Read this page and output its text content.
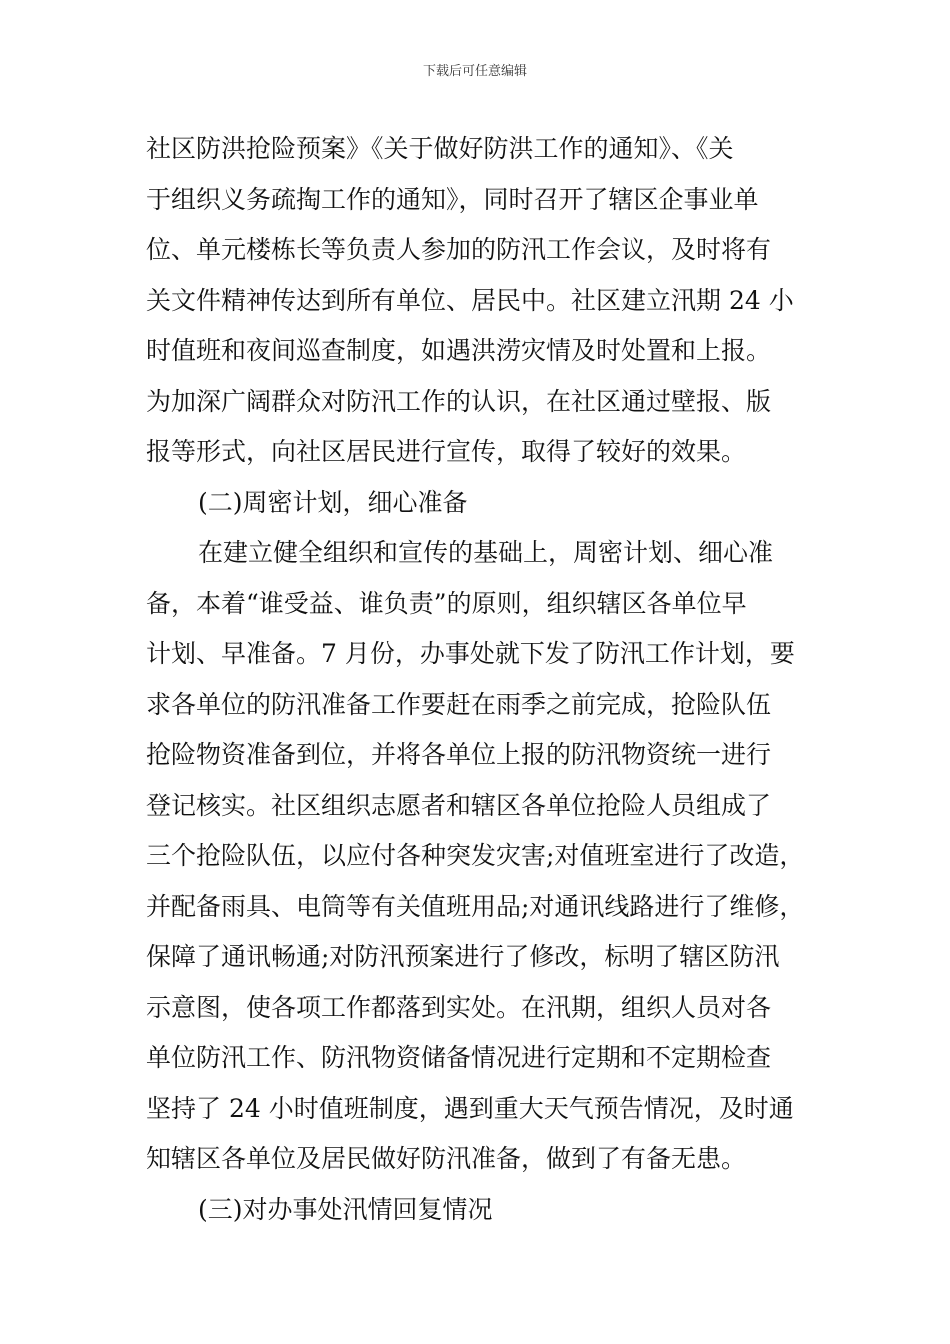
下载后可任意编辑
社区防洪抢险预案》《关于做好防洪工作的通知》、《关
于组织义务疏掏工作的通知》，同时召开了辖区企事业单
位、单元楼栋长等负责人参加的防汛工作会议，及时将有
关文件精神传达到所有单位、居民中。社区建立汛期 24 小
时值班和夜间巡查制度，如遇洪涝灾情及时处置和上报。
为加深广阔群众对防汛工作的认识，在社区通过壁报、版
报等形式，向社区居民进行宣传，取得了较好的效果。
(二)周密计划，细心准备
在建立健全组织和宣传的基础上，周密计划、细心准
备，本着“谁受益、谁负责”的原则，组织辖区各单位早
计划、早准备。7 月份，办事处就下发了防汛工作计划，要
求各单位的防汛准备工作要赶在雨季之前完成，抢险队伍
抢险物资准备到位，并将各单位上报的防汛物资统一进行
登记核实。社区组织志愿者和辖区各单位抢险人员组成了
三个抢险队伍，以应付各种突发灾害;对值班室进行了改造，
并配备雨具、电筒等有关值班用品;对通讯线路进行了维修，
保障了通讯畅通;对防汛预案进行了修改，标明了辖区防汛
示意图，使各项工作都落到实处。在汛期，组织人员对各
单位防汛工作、防汛物资储备情况进行定期和不定期检查
坚持了 24 小时值班制度，遇到重大天气预告情况，及时通
知辖区各单位及居民做好防汛准备，做到了有备无患。
(三)对办事处汛情回复情况
